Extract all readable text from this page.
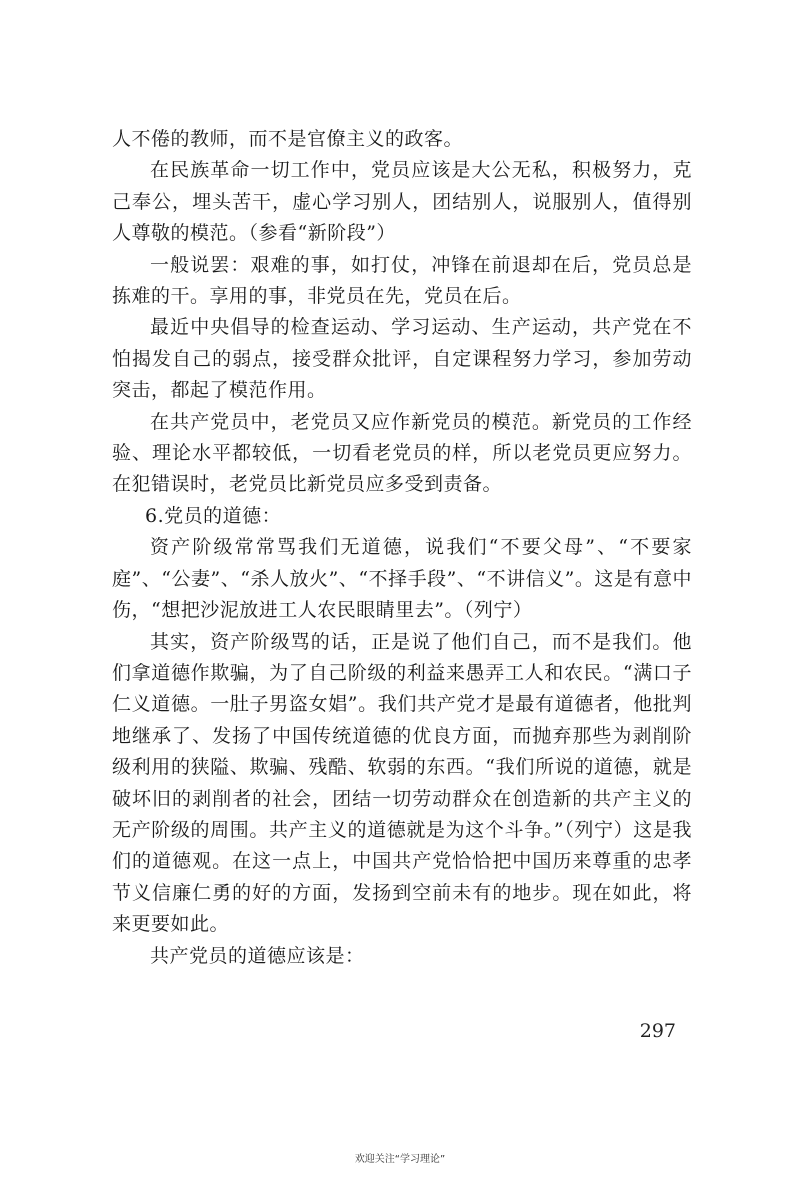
人不倦的教师，而不是官僚主义的政客。

在民族革命一切工作中，党员应该是大公无私，积极努力，克己奉公，埋头苦干，虚心学习别人，团结别人，说服别人，值得别人尊敬的模范。（参看“新阶段”）

一般说罢：艰难的事，如打仗，冲锋在前退却在后，党员总是拣难的干。享用的事，非党员在先，党员在后。

最近中央倡导的检查运动、学习运动、生产运动，共产党在不怕揭发自己的弱点，接受群众批评，自定课程努力学习，参加劳动突击，都起了模范作用。

在共产党员中，老党员又应作新党员的模范。新党员的工作经验、理论水平都较低，一切看老党员的样，所以老党员更应努力。在犯错误时，老党员比新党员应多受到责备。

6.党员的道德：

资产阶级常常骂我们无道德，说我们“不要父母”、“不要家庭”、“公妻”、“杀人放火”、“不择手段”、“不讲信义”。这是有意中伤，“想把沙泥放进工人农民眼睛里去”。（列宁）

其实，资产阶级骂的话，正是说了他们自己，而不是我们。他们拿道德作欺骗，为了自己阶级的利益来愚弄工人和农民。“满口子仁义道德。一肚子男盗女娼”。我们共产党才是最有道德者，他批判地继承了、发扬了中国传统道德的优良方面，而抛弃那些为剥削阶级利用的狭隘、欺骗、残酷、软弱的东西。“我们所说的道德，就是破坏旧的剥削者的社会，团结一切劳动群众在创造新的共产主义的无产阶级的周围。共产主义的道德就是为这个斗争。”（列宁）这是我们的道德观。在这一点上，中国共产党恰恰把中国历来尊重的忠孝节义信廉仁勇的好的方面，发扬到空前未有的地步。现在如此，将来更要如此。

共产党员的道德应该是：

297
欢迎关注“学习理论”
